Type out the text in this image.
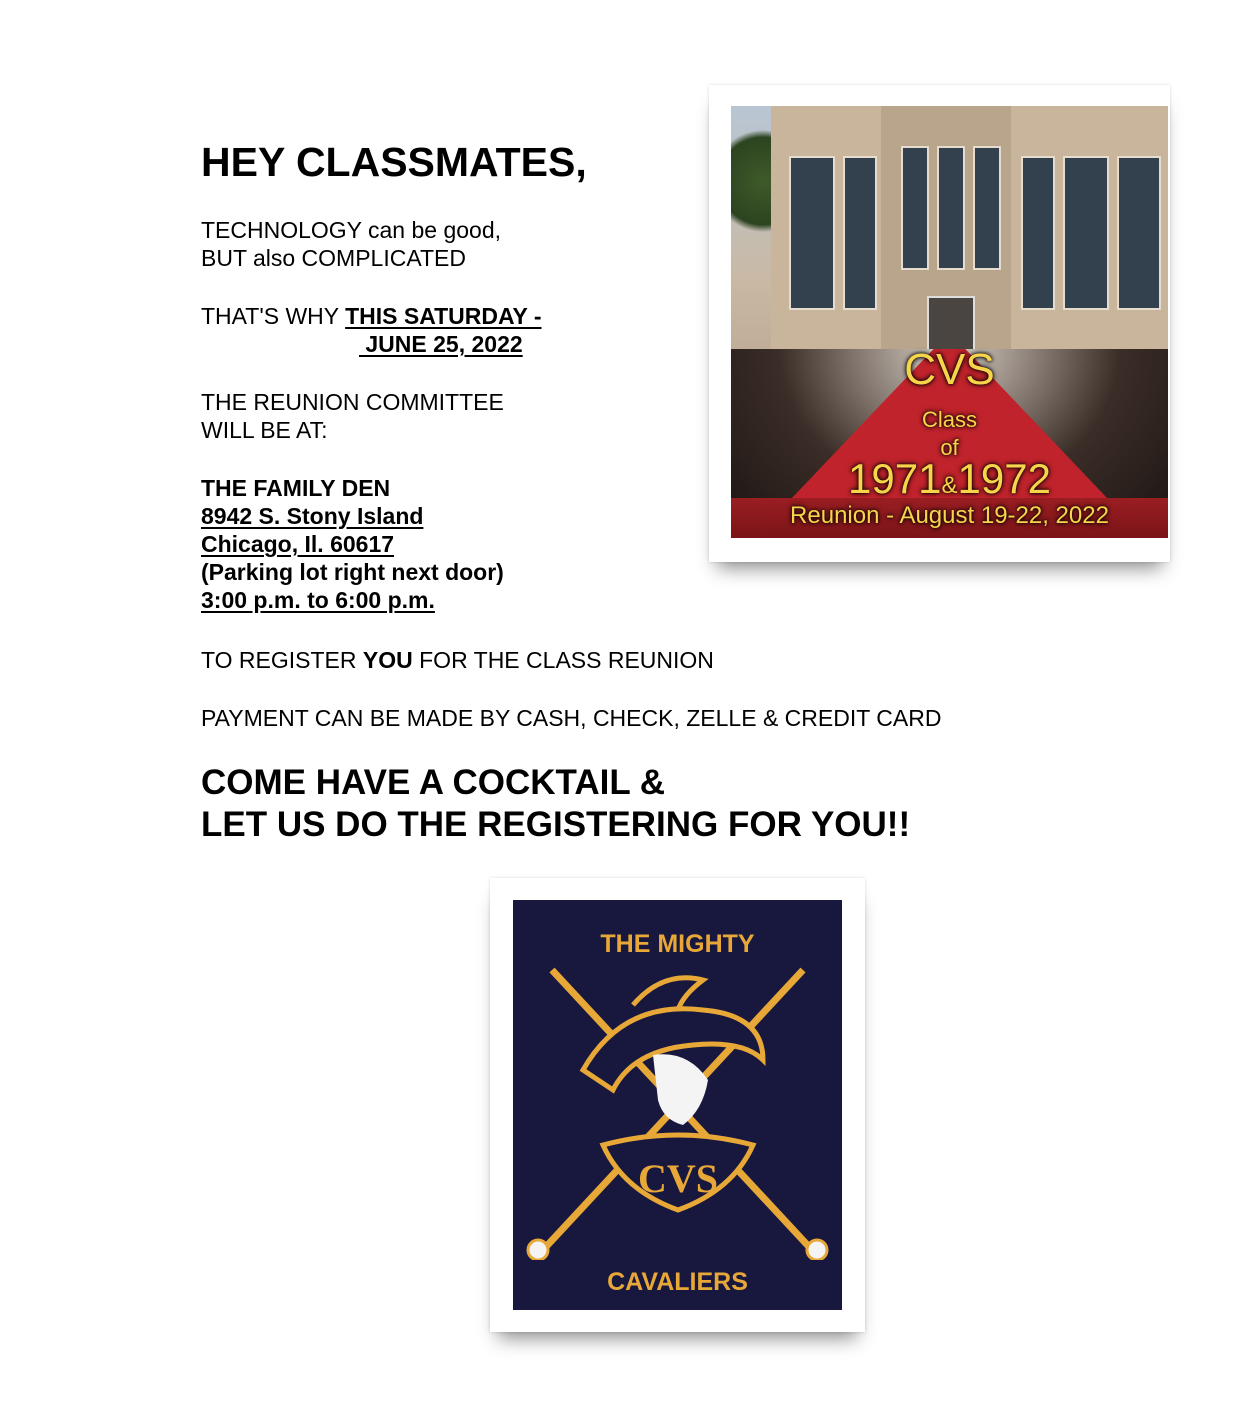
HEY CLASSMATES,
TECHNOLOGY can be good,
BUT also COMPLICATED
THAT'S WHY THIS SATURDAY -
JUNE 25, 2022
THE REUNION COMMITTEE
WILL BE AT:
THE FAMILY DEN
8942 S. Stony Island
Chicago, Il. 60617
(Parking lot right next door)
3:00 p.m. to 6:00 p.m.
TO REGISTER YOU FOR THE CLASS REUNION
PAYMENT CAN BE MADE BY CASH, CHECK, ZELLE & CREDIT CARD
COME HAVE A COCKTAIL &
LET US DO THE REGISTERING FOR YOU!!
CVS
Class
of
1971&1972
Reunion - August 19-22, 2022
THE MIGHTY
CVS
CAVALIERS
